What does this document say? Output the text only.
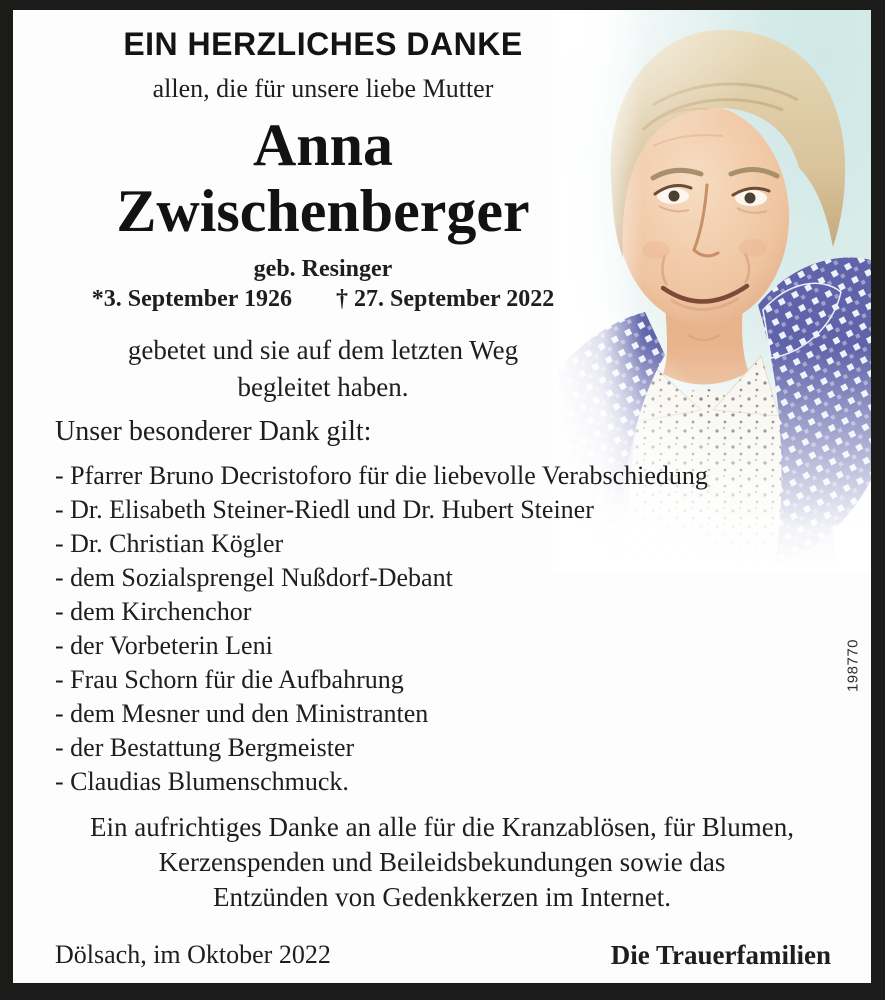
EIN HERZLICHES DANKE
allen, die für unsere liebe Mutter
Anna
Zwischenberger
geb. Resinger
*3. September 1926 † 27. September 2022
gebetet und sie auf dem letzten Weg
begleitet haben.
Unser besonderer Dank gilt:
- Pfarrer Bruno Decristoforo für die liebevolle Verabschiedung
- Dr. Elisabeth Steiner-Riedl und Dr. Hubert Steiner
- Dr. Christian Kögler
- dem Sozialsprengel Nußdorf-Debant
- dem Kirchenchor
- der Vorbeterin Leni
- Frau Schorn für die Aufbahrung
- dem Mesner und den Ministranten
- der Bestattung Bergmeister
- Claudias Blumenschmuck.
Ein aufrichtiges Danke an alle für die Kranzablösen, für Blumen,
Kerzenspenden und Beileidsbekundungen sowie das
Entzünden von Gedenkkerzen im Internet.
Dölsach, im Oktober 2022	Die Trauerfamilien
198770
